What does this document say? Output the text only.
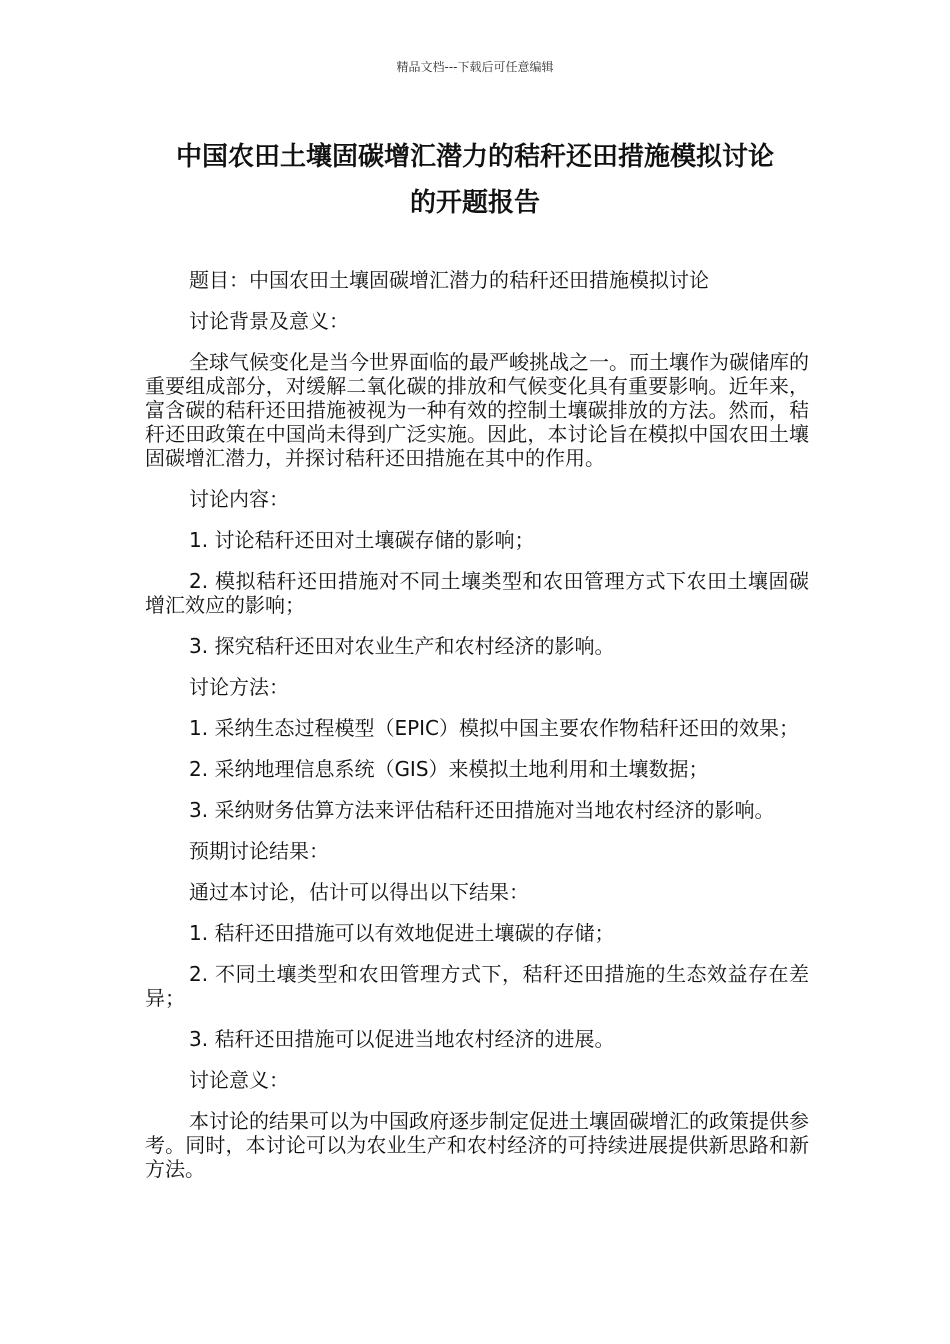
精品文档---下载后可任意编辑
中国农田土壤固碳增汇潜力的秸秆还田措施模拟讨论
的开题报告

题目：中国农田土壤固碳增汇潜力的秸秆还田措施模拟讨论

讨论背景及意义：

全球气候变化是当今世界面临的最严峻挑战之一。而土壤作为碳储库的重要组成部分，对缓解二氧化碳的排放和气候变化具有重要影响。近年来，富含碳的秸秆还田措施被视为一种有效的控制土壤碳排放的方法。然而，秸秆还田政策在中国尚未得到广泛实施。因此，本讨论旨在模拟中国农田土壤固碳增汇潜力，并探讨秸秆还田措施在其中的作用。

讨论内容：

1. 讨论秸秆还田对土壤碳存储的影响；

2. 模拟秸秆还田措施对不同土壤类型和农田管理方式下农田土壤固碳增汇效应的影响；

3. 探究秸秆还田对农业生产和农村经济的影响。

讨论方法：

1. 采纳生态过程模型（EPIC）模拟中国主要农作物秸秆还田的效果；

2. 采纳地理信息系统（GIS）来模拟土地利用和土壤数据；

3. 采纳财务估算方法来评估秸秆还田措施对当地农村经济的影响。

预期讨论结果：

通过本讨论，估计可以得出以下结果：

1. 秸秆还田措施可以有效地促进土壤碳的存储；

2. 不同土壤类型和农田管理方式下，秸秆还田措施的生态效益存在差异；

3. 秸秆还田措施可以促进当地农村经济的进展。

讨论意义：

本讨论的结果可以为中国政府逐步制定促进土壤固碳增汇的政策提供参考。同时，本讨论可以为农业生产和农村经济的可持续进展提供新思路和新方法。
